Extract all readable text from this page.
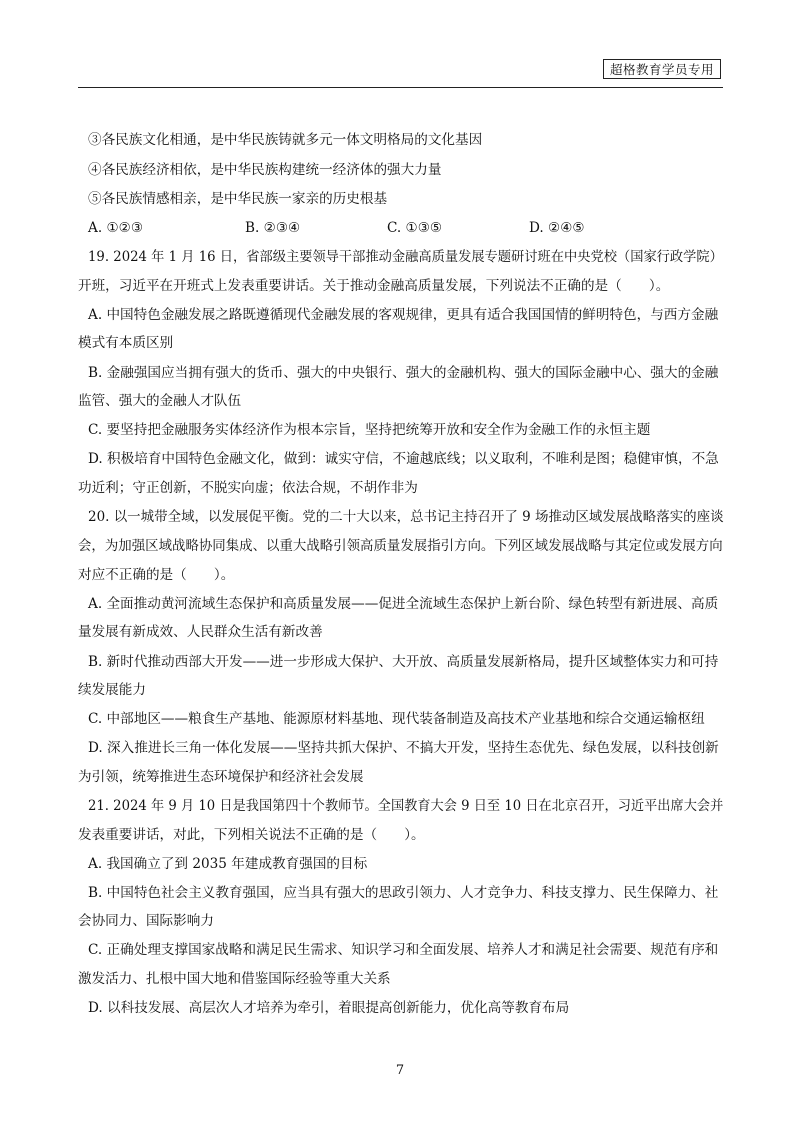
超格教育学员专用
③各民族文化相通，是中华民族铸就多元一体文明格局的文化基因
④各民族经济相依，是中华民族构建统一经济体的强大力量
⑤各民族情感相亲，是中华民族一家亲的历史根基
A. ①②③	B. ②③④	C. ①③⑤	D. ②④⑤
19. 2024 年 1 月 16 日，省部级主要领导干部推动金融高质量发展专题研讨班在中央党校（国家行政学院）
开班，习近平在开班式上发表重要讲话。关于推动金融高质量发展，下列说法不正确的是（　　）。
A. 中国特色金融发展之路既遵循现代金融发展的客观规律，更具有适合我国国情的鲜明特色，与西方金融
模式有本质区别
B. 金融强国应当拥有强大的货币、强大的中央银行、强大的金融机构、强大的国际金融中心、强大的金融
监管、强大的金融人才队伍
C. 要坚持把金融服务实体经济作为根本宗旨，坚持把统筹开放和安全作为金融工作的永恒主题
D. 积极培育中国特色金融文化，做到：诚实守信，不逾越底线；以义取利，不唯利是图；稳健审慎，不急
功近利；守正创新，不脱实向虚；依法合规，不胡作非为
20. 以一城带全域，以发展促平衡。党的二十大以来，总书记主持召开了 9 场推动区域发展战略落实的座谈
会，为加强区域战略协同集成、以重大战略引领高质量发展指引方向。下列区域发展战略与其定位或发展方向
对应不正确的是（　　）。
A. 全面推动黄河流域生态保护和高质量发展——促进全流域生态保护上新台阶、绿色转型有新进展、高质
量发展有新成效、人民群众生活有新改善
B. 新时代推动西部大开发——进一步形成大保护、大开放、高质量发展新格局，提升区域整体实力和可持
续发展能力
C. 中部地区——粮食生产基地、能源原材料基地、现代装备制造及高技术产业基地和综合交通运输枢纽
D. 深入推进长三角一体化发展——坚持共抓大保护、不搞大开发，坚持生态优先、绿色发展，以科技创新
为引领，统筹推进生态环境保护和经济社会发展
21. 2024 年 9 月 10 日是我国第四十个教师节。全国教育大会 9 日至 10 日在北京召开，习近平出席大会并
发表重要讲话，对此，下列相关说法不正确的是（　　）。
A. 我国确立了到 2035 年建成教育强国的目标
B. 中国特色社会主义教育强国，应当具有强大的思政引领力、人才竞争力、科技支撑力、民生保障力、社
会协同力、国际影响力
C. 正确处理支撑国家战略和满足民生需求、知识学习和全面发展、培养人才和满足社会需要、规范有序和
激发活力、扎根中国大地和借鉴国际经验等重大关系
D. 以科技发展、高层次人才培养为牵引，着眼提高创新能力，优化高等教育布局
7
